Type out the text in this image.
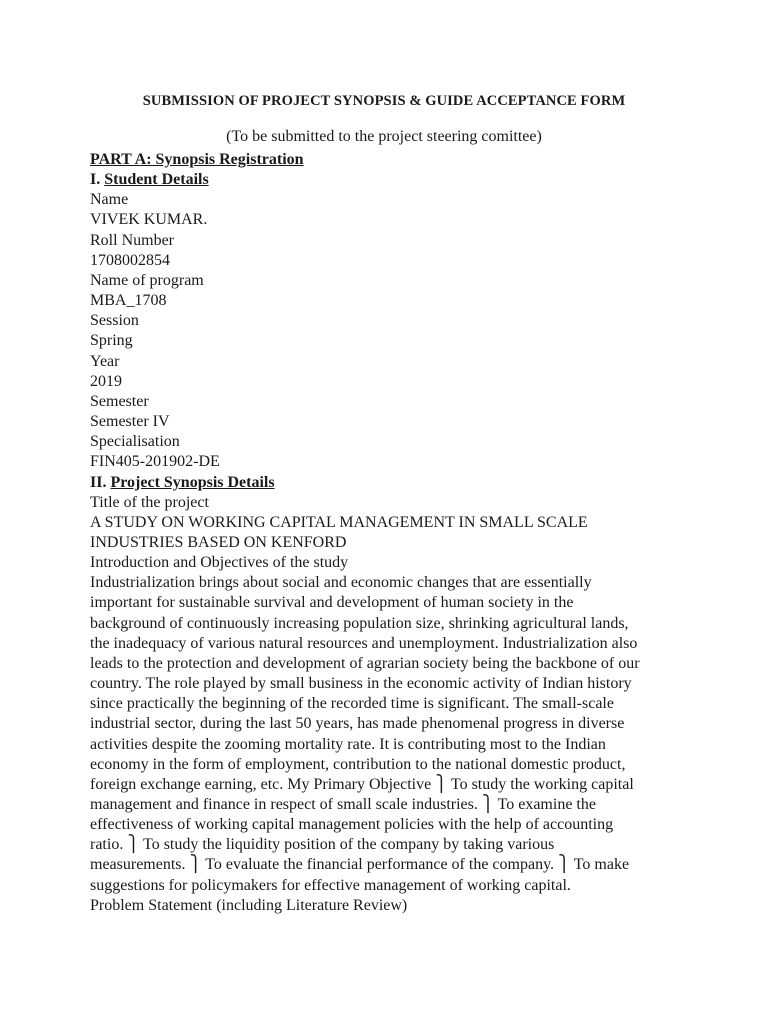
SUBMISSION OF PROJECT SYNOPSIS & GUIDE ACCEPTANCE FORM

(To be submitted to the project steering comittee)

PART A: Synopsis Registration
I. Student Details
Name
VIVEK KUMAR.
Roll Number
1708002854
Name of program
MBA_1708
Session
Spring
Year
2019
Semester
Semester IV
Specialisation
FIN405-201902-DE
II. Project Synopsis Details
Title of the project
A STUDY ON WORKING CAPITAL MANAGEMENT IN SMALL SCALE
INDUSTRIES BASED ON KENFORD
Introduction and Objectives of the study
Industrialization brings about social and economic changes that are essentially
important for sustainable survival and development of human society in the
background of continuously increasing population size, shrinking agricultural lands,
the inadequacy of various natural resources and unemployment. Industrialization also
leads to the protection and development of agrarian society being the backbone of our
country. The role played by small business in the economic activity of Indian history
since practically the beginning of the recorded time is significant. The small-scale
industrial sector, during the last 50 years, has made phenomenal progress in diverse
activities despite the zooming mortality rate. It is contributing most to the Indian
economy in the form of employment, contribution to the national domestic product,
foreign exchange earning, etc. My Primary Objective ⎫ To study the working capital
management and finance in respect of small scale industries. ⎫ To examine the
effectiveness of working capital management policies with the help of accounting
ratio. ⎫ To study the liquidity position of the company by taking various
measurements. ⎫ To evaluate the financial performance of the company. ⎫ To make
suggestions for policymakers for effective management of working capital.
Problem Statement (including Literature Review)
